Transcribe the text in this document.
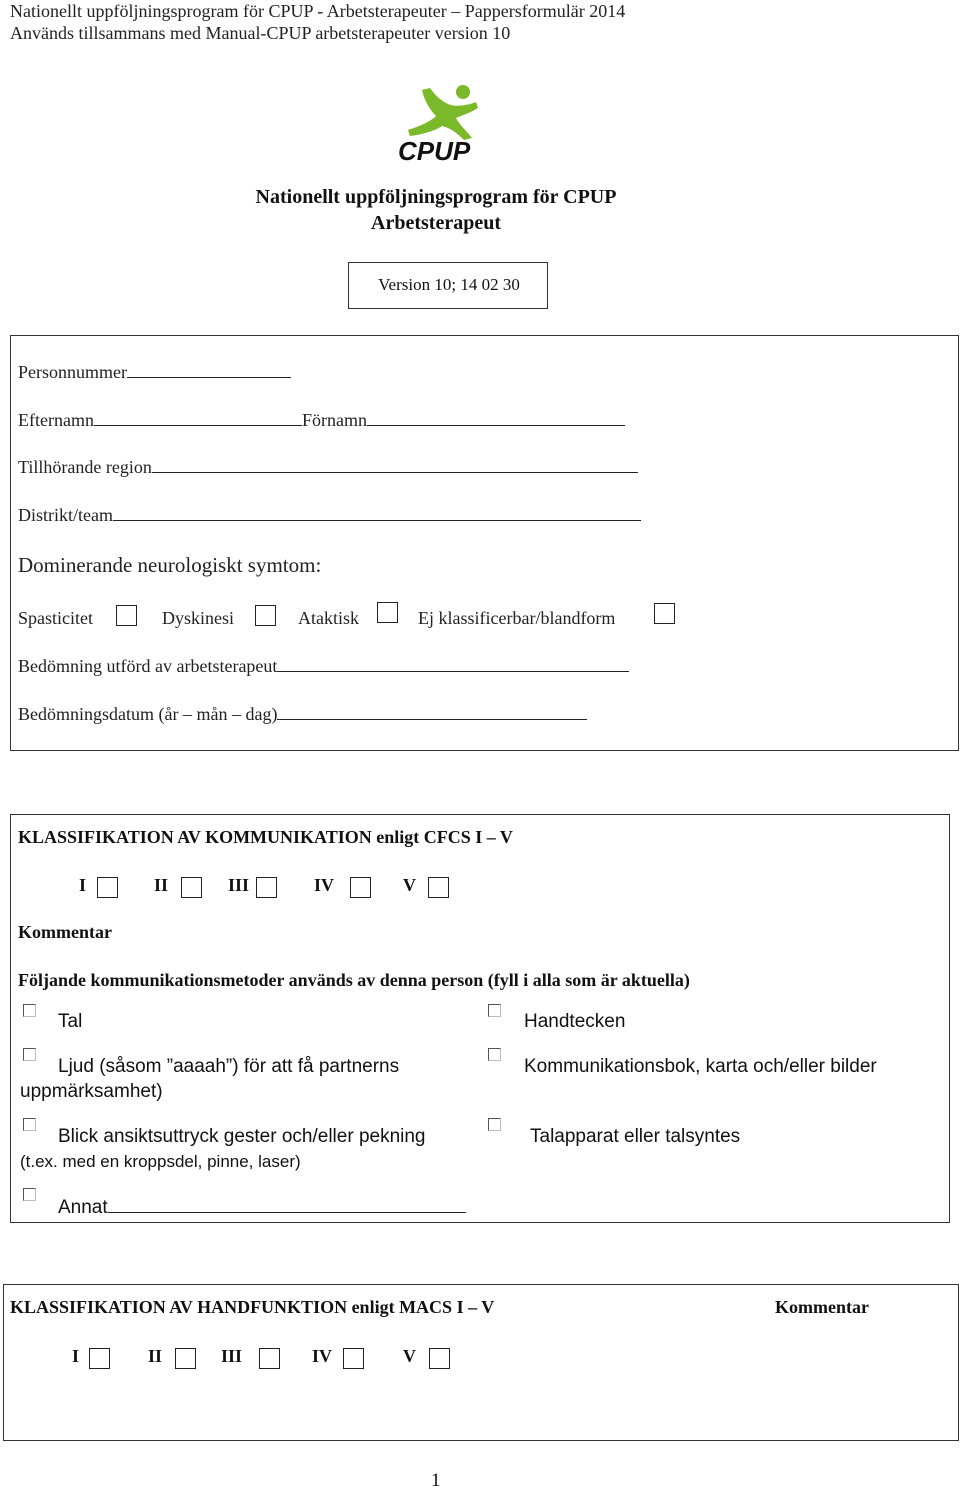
Nationellt uppföljningsprogram för CPUP - Arbetsterapeuter – Pappersformulär 2014
Används tillsammans med Manual-CPUP arbetsterapeuter version 10
CPUP
Nationellt uppföljningsprogram för CPUP
Arbetsterapeut
Version 10; 14 02 30
Personnummer
Efternamn	Förnamn
Tillhörande region
Distrikt/team
Dominerande neurologiskt symtom:
Spasticitet	Dyskinesi	Ataktisk	Ej klassificerbar/blandform
Bedömning utförd av arbetsterapeut
Bedömningsdatum (år – mån – dag)
KLASSIFIKATION AV KOMMUNIKATION enligt CFCS I – V
I	II	III	IV	V
Kommentar
Följande kommunikationsmetoder används av denna person (fyll i alla som är aktuella)
Tal
Ljud (såsom ”aaaah”) för att få partnerns
uppmärksamhet)
Blick ansiktsuttryck gester och/eller pekning
(t.ex. med en kroppsdel, pinne, laser)
Annat
Handtecken
Kommunikationsbok, karta och/eller bilder
Talapparat eller talsyntes
KLASSIFIKATION AV HANDFUNKTION enligt MACS I – V	Kommentar
I	II	III	IV	V
1
